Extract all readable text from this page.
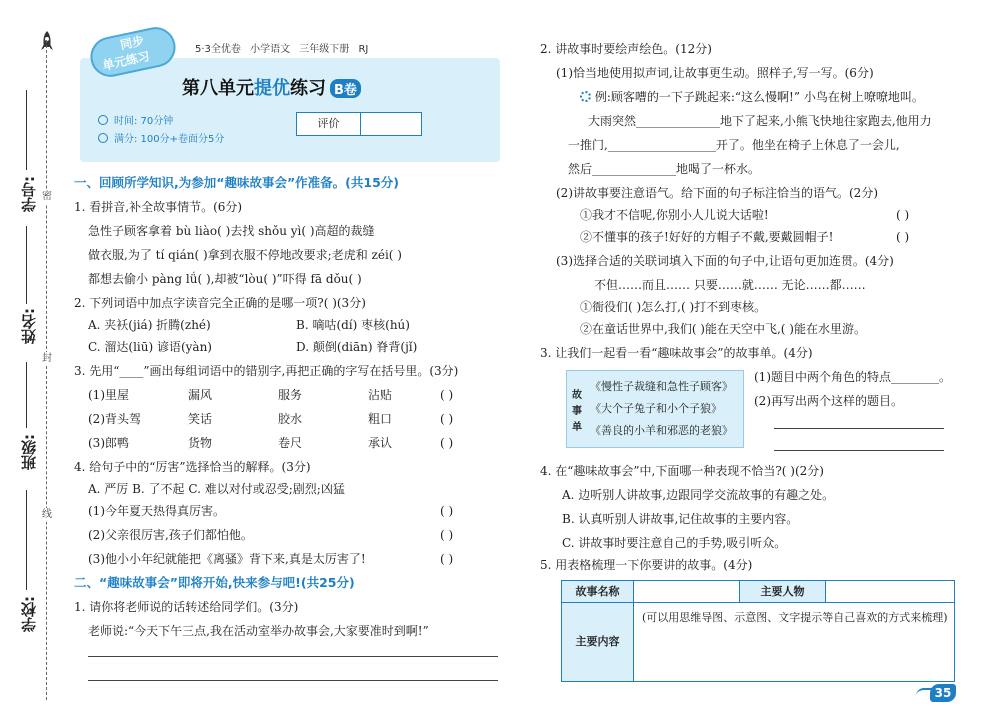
学号:
姓名:
班级:
学校:
密
封
线
同步
单元练习	5·3全优卷 小学语文 三年级下册 RJ
第八单元提优练习 B卷
时间: 70分钟
满分: 100分+卷面分5分
评价
一、回顾所学知识,为参加“趣味故事会”作准备。(共15分)
1. 看拼音,补全故事情节。(6分)
急性子顾客拿着 bù liào( )去找 shǒu yì( )高超的裁缝
做衣服,为了 tí qián( )拿到衣服不停地改要求;老虎和 zéi( )
都想去偷小 pàng lǘ( ),却被“lòu( )”吓得 fā dǒu( )
2. 下列词语中加点字读音完全正确的是哪一项?( )(3分)
A. 夹袄(jiá) 折腾(zhé)	B. 嘀咕(dí) 枣核(hú)
C. 溜达(liū) 谚语(yàn)	D. 颠倒(diān) 脊背(jǐ)
3. 先用“____”画出每组词语中的错别字,再把正确的字写在括号里。(3分)
(1)里屋	漏风	服务	沾贴	( )
(2)背头驾	笑话	胶水	粗口	( )
(3)郎鸭	货物	卷尺	承认	( )
4. 给句子中的“厉害”选择恰当的解释。(3分)
A. 严厉 B. 了不起 C. 难以对付或忍受;剧烈;凶猛
(1)今年夏天热得真厉害。	( )
(2)父亲很厉害,孩子们都怕他。	( )
(3)他小小年纪就能把《离骚》背下来,真是太厉害了!	( )
二、“趣味故事会”即将开始,快来参与吧!(共25分)
1. 请你将老师说的话转述给同学们。(3分)
老师说:“今天下午三点,我在活动室举办故事会,大家要准时到啊!”
2. 讲故事时要绘声绘色。(12分)
(1)恰当地使用拟声词,让故事更生动。照样子,写一写。(6分)
例:顾客嘈的一下子跳起来:“这么慢啊!” 小鸟在树上嘹嘹地叫。
大雨突然______________地下了起来,小熊飞快地往家跑去,他用力
一推门,__________________开了。他坐在椅子上休息了一会儿,
然后______________地喝了一杯水。
(2)讲故事要注意语气。给下面的句子标注恰当的语气。(2分)
①我才不信呢,你别小人儿说大话啦!	( )
②不懂事的孩子!好好的方帽子不戴,要戴圆帽子!	( )
(3)选择合适的关联词填入下面的句子中,让语句更加连贯。(4分)
不但……而且…… 只要……就…… 无论……都……
①衙役们( )怎么打,( )打不到枣核。
②在童话世界中,我们( )能在天空中飞,( )能在水里游。
3. 让我们一起看一看“趣味故事会”的故事单。(4分)
故事单
《慢性子裁缝和急性子顾客》
《大个子兔子和小个子狼》
《善良的小羊和邪恶的老狼》
(1)题目中两个角色的特点________。
(2)再写出两个这样的题目。
4. 在“趣味故事会”中,下面哪一种表现不恰当?( )(2分)
A. 边听别人讲故事,边跟同学交流故事的有趣之处。
B. 认真听别人讲故事,记住故事的主要内容。
C. 讲故事时要注意自己的手势,吸引听众。
5. 用表格梳理一下你要讲的故事。(4分)
故事名称	主要人物
主要内容
(可以用思维导图、示意图、文字提示等自己喜欢的方式来梳理)
35
